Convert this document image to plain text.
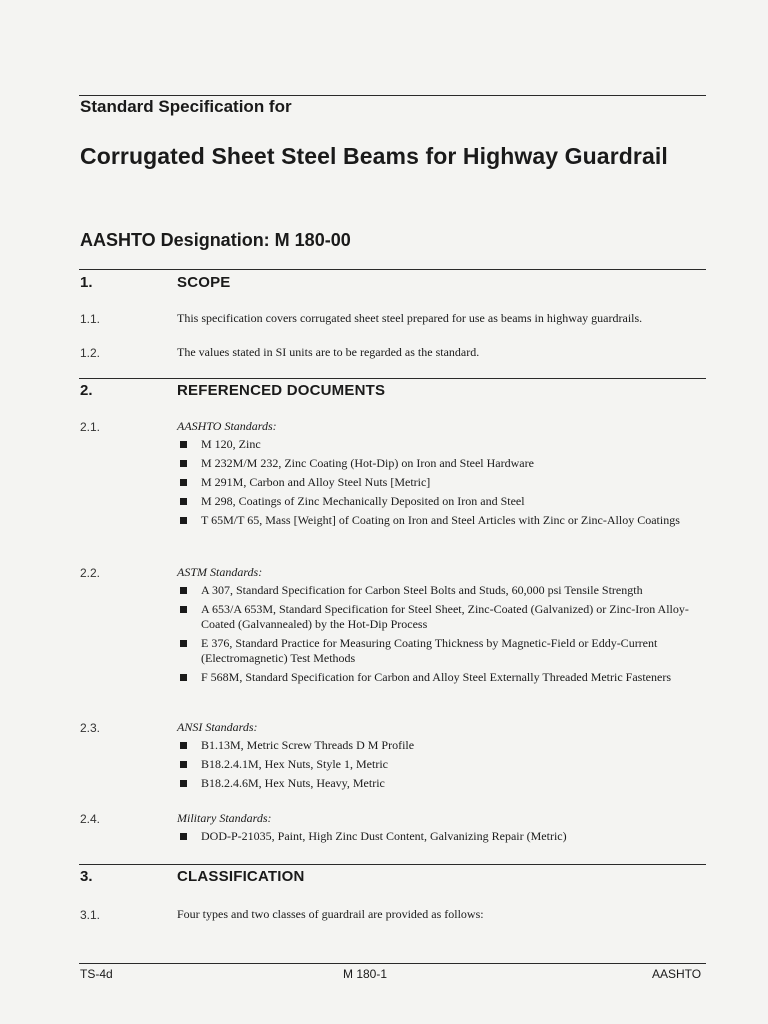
Standard Specification for
Corrugated Sheet Steel Beams for Highway Guardrail
AASHTO Designation: M 180-00
1.	SCOPE
1.1.	This specification covers corrugated sheet steel prepared for use as beams in highway guardrails.
1.2.	The values stated in SI units are to be regarded as the standard.
2.	REFERENCED DOCUMENTS
2.1.	AASHTO Standards:
M 120, Zinc
M 232M/M 232, Zinc Coating (Hot-Dip) on Iron and Steel Hardware
M 291M, Carbon and Alloy Steel Nuts [Metric]
M 298, Coatings of Zinc Mechanically Deposited on Iron and Steel
T 65M/T 65, Mass [Weight] of Coating on Iron and Steel Articles with Zinc or Zinc-Alloy Coatings
2.2.	ASTM Standards:
A 307, Standard Specification for Carbon Steel Bolts and Studs, 60,000 psi Tensile Strength
A 653/A 653M, Standard Specification for Steel Sheet, Zinc-Coated (Galvanized) or Zinc-Iron Alloy-Coated (Galvannealed) by the Hot-Dip Process
E 376, Standard Practice for Measuring Coating Thickness by Magnetic-Field or Eddy-Current (Electromagnetic) Test Methods
F 568M, Standard Specification for Carbon and Alloy Steel Externally Threaded Metric Fasteners
2.3.	ANSI Standards:
B1.13M, Metric Screw Threads D M Profile
B18.2.4.1M, Hex Nuts, Style 1, Metric
B18.2.4.6M, Hex Nuts, Heavy, Metric
2.4.	Military Standards:
DOD-P-21035, Paint, High Zinc Dust Content, Galvanizing Repair (Metric)
3.	CLASSIFICATION
3.1.	Four types and two classes of guardrail are provided as follows:
TS-4d	M 180-1	AASHTO
